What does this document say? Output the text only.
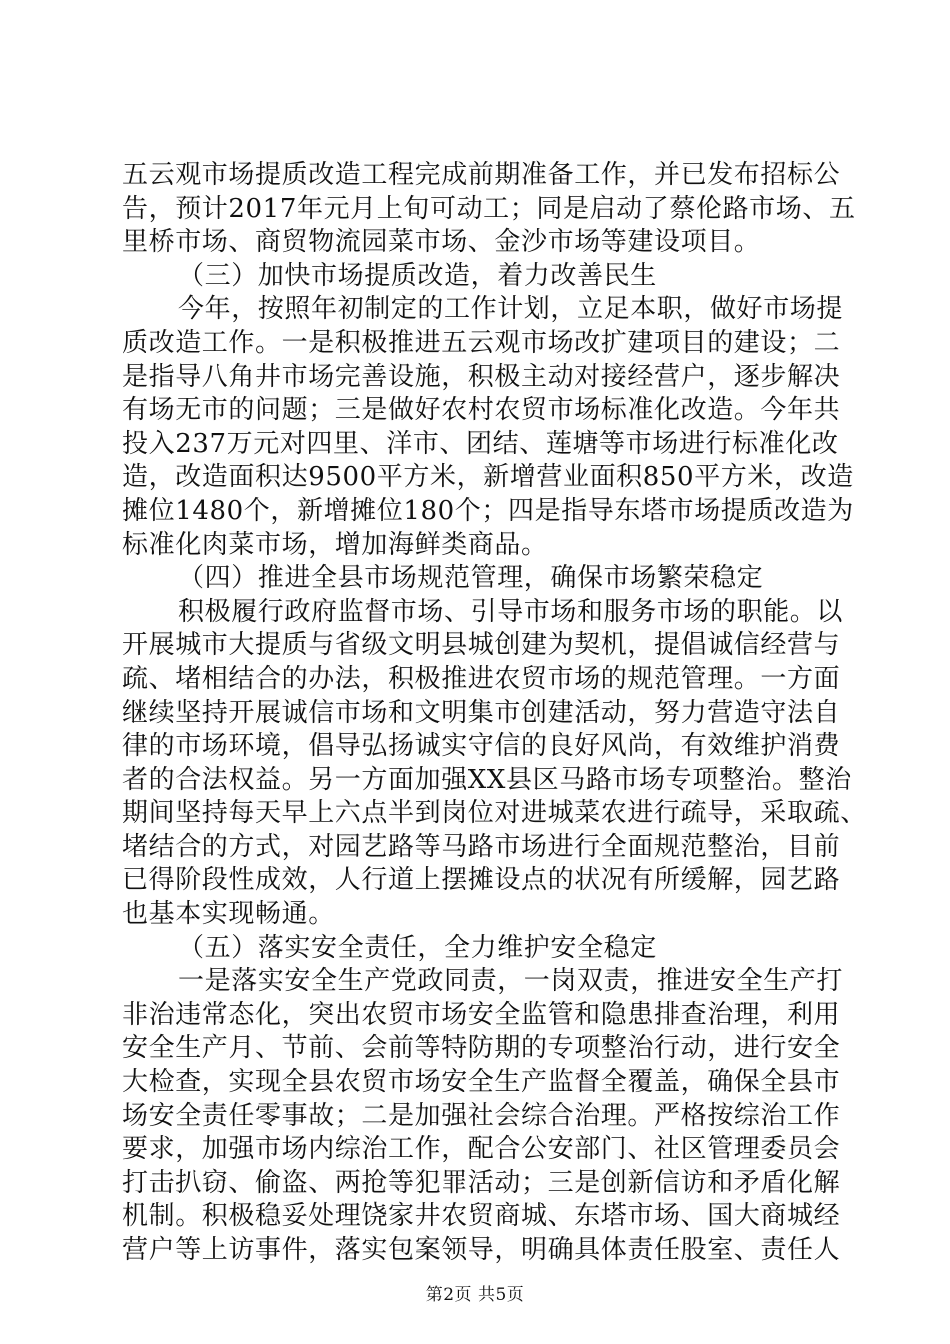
五云观市场提质改造工程完成前期准备工作，并已发布招标公
告，预计2017年元月上旬可动工；同是启动了蔡伦路市场、五
里桥市场、商贸物流园菜市场、金沙市场等建设项目。
（三）加快市场提质改造，着力改善民生
今年，按照年初制定的工作计划，立足本职，做好市场提
质改造工作。一是积极推进五云观市场改扩建项目的建设；二
是指导八角井市场完善设施，积极主动对接经营户，逐步解决
有场无市的问题；三是做好农村农贸市场标准化改造。今年共
投入237万元对四里、洋市、团结、莲塘等市场进行标准化改
造，改造面积达9500平方米，新增营业面积850平方米，改造
摊位1480个，新增摊位180个；四是指导东塔市场提质改造为
标准化肉菜市场，增加海鲜类商品。
（四）推进全县市场规范管理，确保市场繁荣稳定
积极履行政府监督市场、引导市场和服务市场的职能。以
开展城市大提质与省级文明县城创建为契机，提倡诚信经营与
疏、堵相结合的办法，积极推进农贸市场的规范管理。一方面
继续坚持开展诚信市场和文明集市创建活动，努力营造守法自
律的市场环境，倡导弘扬诚实守信的良好风尚，有效维护消费
者的合法权益。另一方面加强XX县区马路市场专项整治。整治
期间坚持每天早上六点半到岗位对进城菜农进行疏导，采取疏、
堵结合的方式，对园艺路等马路市场进行全面规范整治，目前
已得阶段性成效，人行道上摆摊设点的状况有所缓解，园艺路
也基本实现畅通。
（五）落实安全责任，全力维护安全稳定
一是落实安全生产党政同责，一岗双责，推进安全生产打
非治违常态化，突出农贸市场安全监管和隐患排查治理，利用
安全生产月、节前、会前等特防期的专项整治行动，进行安全
大检查，实现全县农贸市场安全生产监督全覆盖，确保全县市
场安全责任零事故；二是加强社会综合治理。严格按综治工作
要求，加强市场内综治工作，配合公安部门、社区管理委员会
打击扒窃、偷盗、两抢等犯罪活动；三是创新信访和矛盾化解
机制。积极稳妥处理饶家井农贸商城、东塔市场、国大商城经
营户等上访事件，落实包案领导，明确具体责任股室、责任人
第2页 共5页
